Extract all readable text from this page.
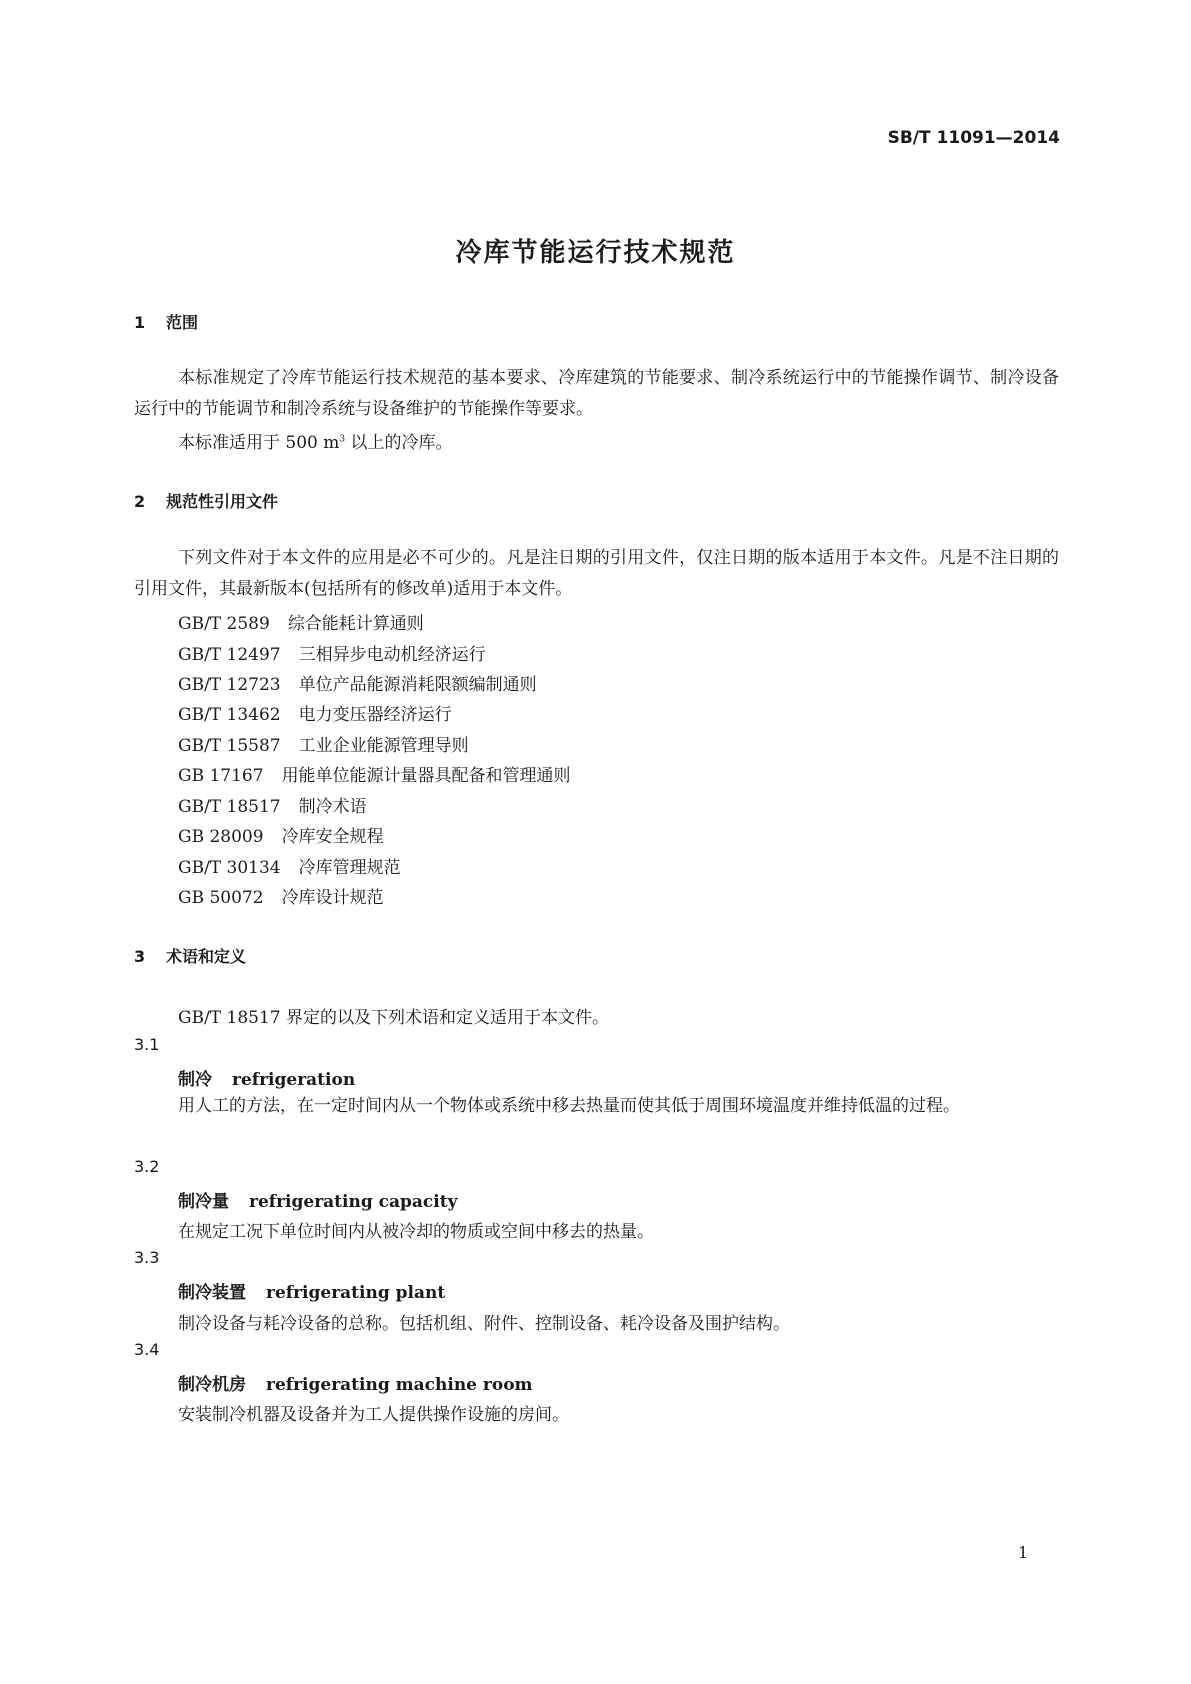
SB/T 11091—2014
冷库节能运行技术规范
1 范围
本标准规定了冷库节能运行技术规范的基本要求、冷库建筑的节能要求、制冷系统运行中的节能操作调节、制冷设备运行中的节能调节和制冷系统与设备维护的节能操作等要求。
本标准适用于 500 $m^3$ 以上的冷库。
2 规范性引用文件
下列文件对于本文件的应用是必不可少的。凡是注日期的引用文件，仅注日期的版本适用于本文件。凡是不注日期的引用文件，其最新版本(包括所有的修改单)适用于本文件。
GB/T 2589 综合能耗计算通则
GB/T 12497 三相异步电动机经济运行
GB/T 12723 单位产品能源消耗限额编制通则
GB/T 13462 电力变压器经济运行
GB/T 15587 工业企业能源管理导则
GB 17167 用能单位能源计量器具配备和管理通则
GB/T 18517 制冷术语
GB 28009 冷库安全规程
GB/T 30134 冷库管理规范
GB 50072 冷库设计规范
3 术语和定义
GB/T 18517 界定的以及下列术语和定义适用于本文件。
3.1
制冷 refrigeration
用人工的方法，在一定时间内从一个物体或系统中移去热量而使其低于周围环境温度并维持低温的过程。
3.2
制冷量 refrigerating capacity
在规定工况下单位时间内从被冷却的物质或空间中移去的热量。
3.3
制冷装置 refrigerating plant
制冷设备与耗冷设备的总称。包括机组、附件、控制设备、耗冷设备及围护结构。
3.4
制冷机房 refrigerating machine room
安装制冷机器及设备并为工人提供操作设施的房间。
1
